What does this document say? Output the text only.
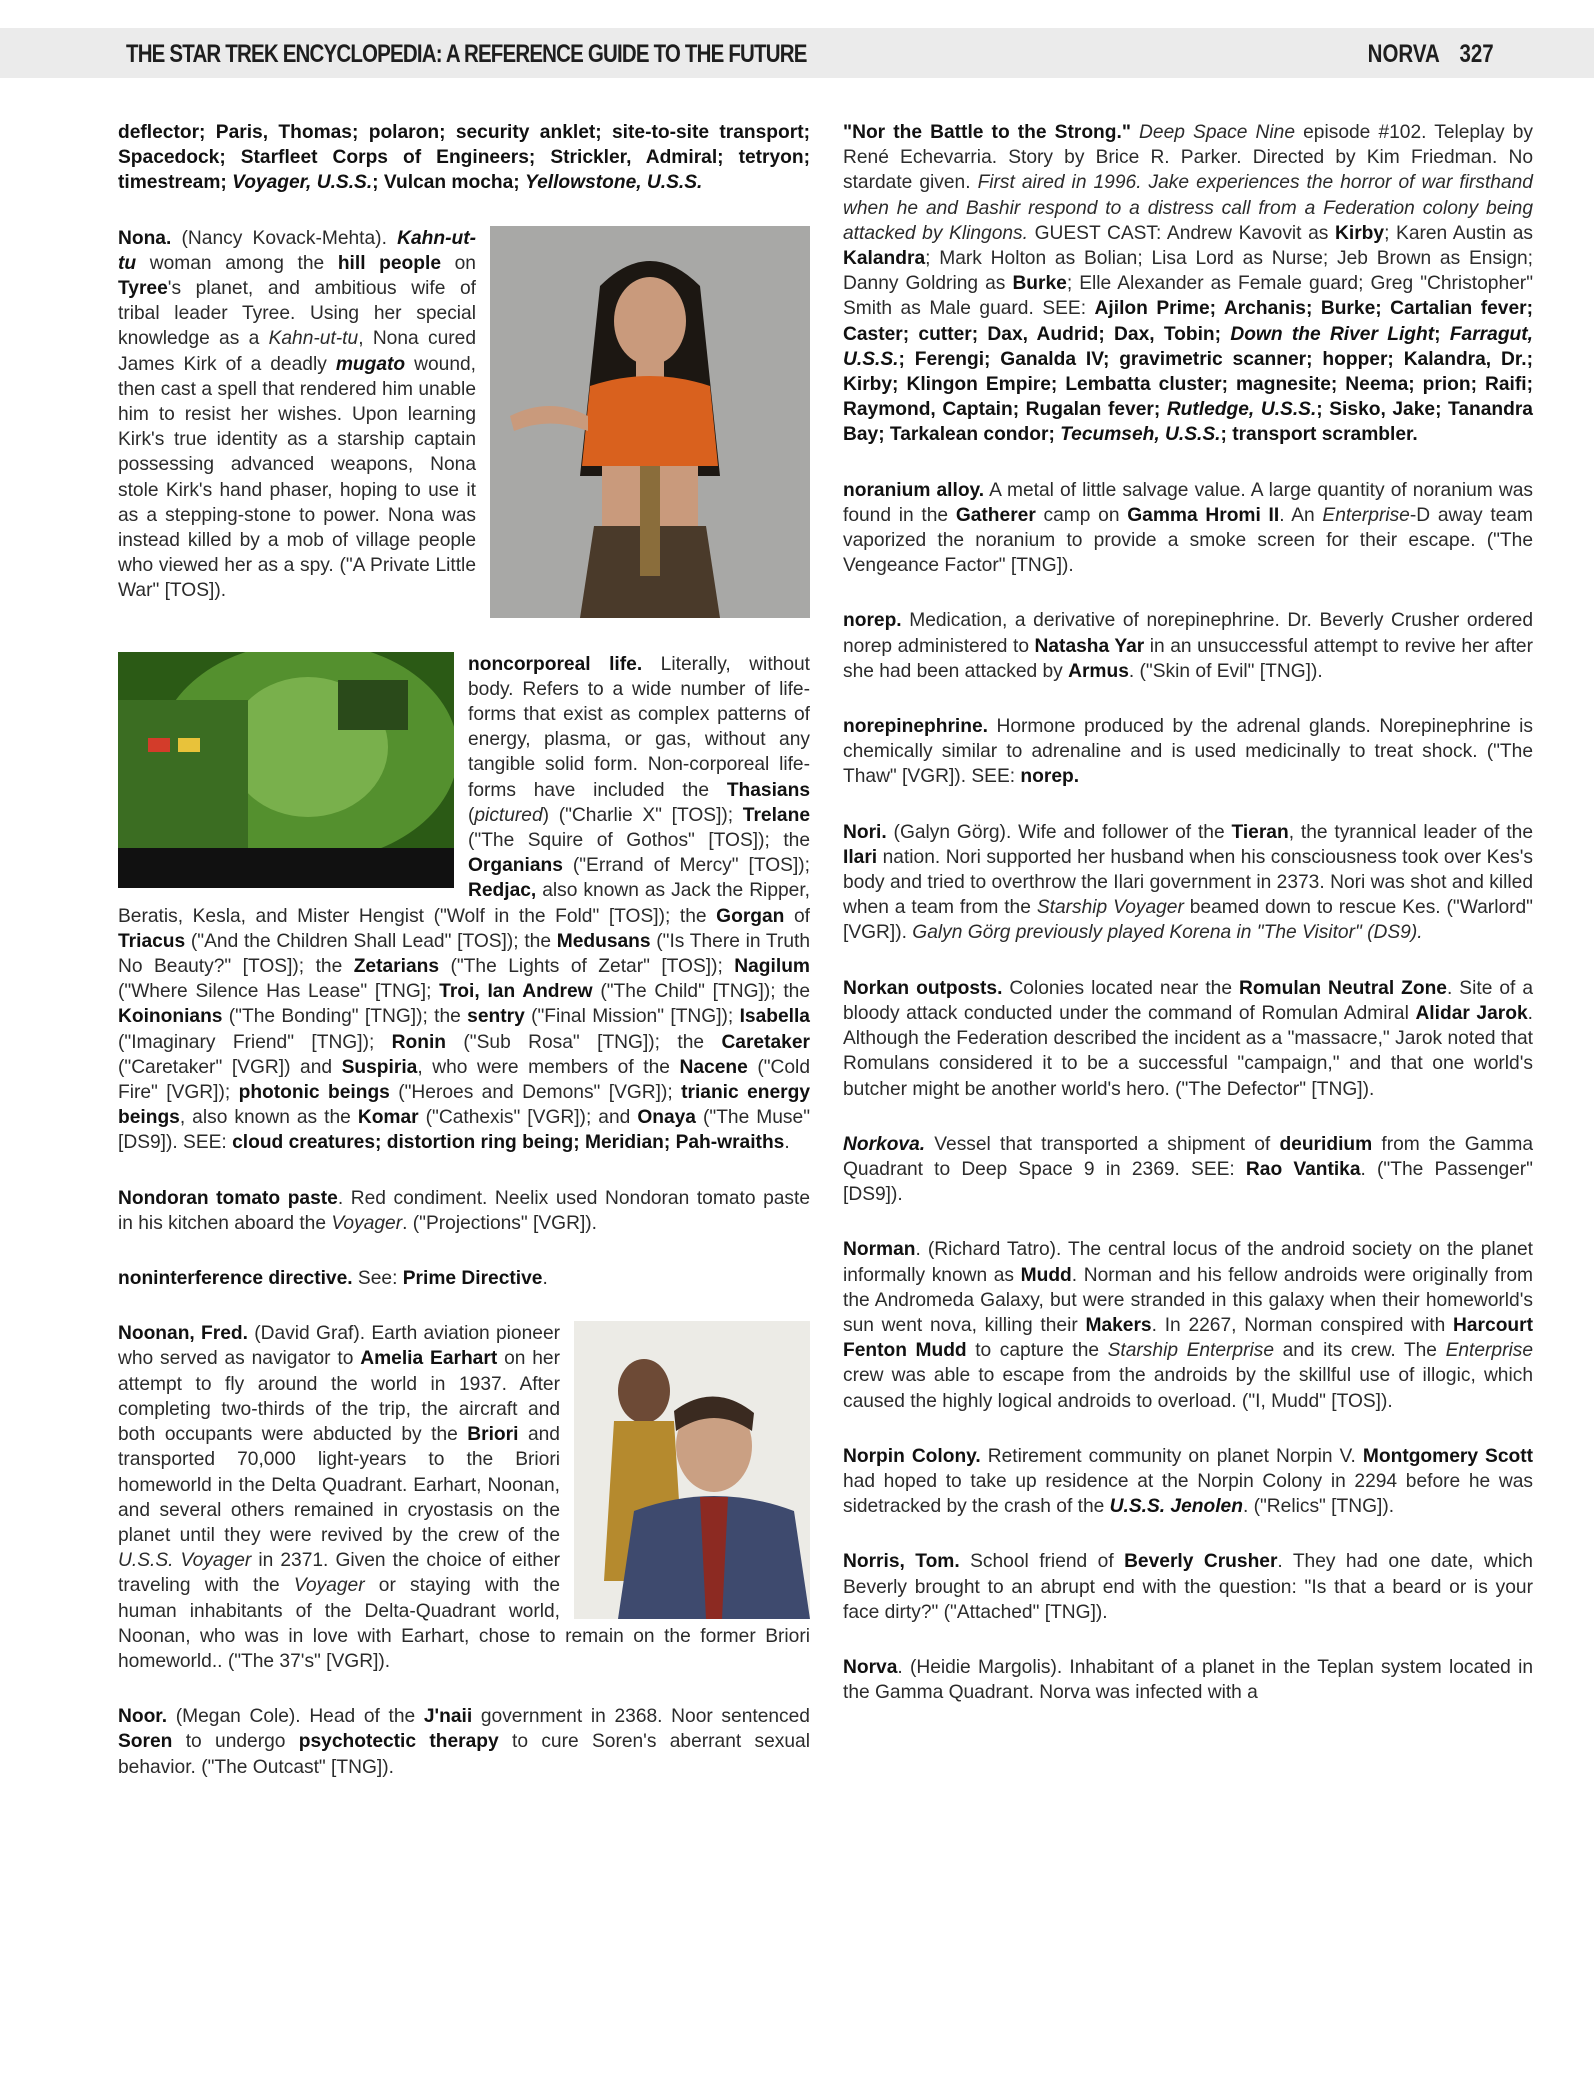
THE STAR TREK ENCYCLOPEDIA: A REFERENCE GUIDE TO THE FUTURE	NORVA 327

deflector; Paris, Thomas; polaron; security anklet; site-to-site transport; Spacedock; Starfleet Corps of Engineers; Strickler, Admiral; tetryon; timestream; Voyager, U.S.S.; Vulcan mocha; Yellowstone, U.S.S.

Nona. (Nancy Kovack-Mehta). Kahn-ut-tu woman among the hill people on Tyree's planet, and ambitious wife of tribal leader Tyree. Using her special knowledge as a Kahn-ut-tu, Nona cured James Kirk of a deadly mugato wound, then cast a spell that rendered him unable him to resist her wishes. Upon learning Kirk's true identity as a starship captain possessing advanced weapons, Nona stole Kirk's hand phaser, hoping to use it as a stepping-stone to power. Nona was instead killed by a mob of village people who viewed her as a spy. ("A Private Little War" [TOS]).
noncorporeal life. Literally, without body. Refers to a wide number of life-forms that exist as complex patterns of energy, plasma, or gas, without any tangible solid form. Non-corporeal life-forms have included the Thasians (pictured) ("Charlie X" [TOS]); Trelane ("The Squire of Gothos" [TOS]); the Organians ("Errand of Mercy" [TOS]); Redjac, also known as Jack the Ripper, Beratis, Kesla, and Mister Hengist ("Wolf in the Fold" [TOS]); the Gorgan of Triacus ("And the Children Shall Lead" [TOS]); the Medusans ("Is There in Truth No Beauty?" [TOS]); the Zetarians ("The Lights of Zetar" [TOS]); Nagilum ("Where Silence Has Lease" [TNG]; Troi, Ian Andrew ("The Child" [TNG]); the Koinonians ("The Bonding" [TNG]); the sentry ("Final Mission" [TNG]); Isabella ("Imaginary Friend" [TNG]); Ronin ("Sub Rosa" [TNG]); the Caretaker ("Caretaker" [VGR]) and Suspiria, who were members of the Nacene ("Cold Fire" [VGR]); photonic beings ("Heroes and Demons" [VGR]); trianic energy beings, also known as the Komar ("Cathexis" [VGR]); and Onaya ("The Muse" [DS9]). SEE: cloud creatures; distortion ring being; Meridian; Pah-wraiths.

Nondoran tomato paste. Red condiment. Neelix used Nondoran tomato paste in his kitchen aboard the Voyager. ("Projections" [VGR]).

noninterference directive. See: Prime Directive.

Noonan, Fred. (David Graf). Earth aviation pioneer who served as navigator to Amelia Earhart on her attempt to fly around the world in 1937. After completing two-thirds of the trip, the aircraft and both occupants were abducted by the Briori and transported 70,000 light-years to the Briori homeworld in the Delta Quadrant. Earhart, Noonan, and several others remained in cryostasis on the planet until they were revived by the crew of the U.S.S. Voyager in 2371. Given the choice of either traveling with the Voyager or staying with the human inhabitants of the Delta-Quadrant world, Noonan, who was in love with Earhart, chose to remain on the former Briori homeworld.. ("The 37's" [VGR]).

Noor. (Megan Cole). Head of the J'naii government in 2368. Noor sentenced Soren to undergo psychotectic therapy to cure Soren's aberrant sexual behavior. ("The Outcast" [TNG]).

"Nor the Battle to the Strong." Deep Space Nine episode #102. Teleplay by René Echevarria. Story by Brice R. Parker. Directed by Kim Friedman. No stardate given. First aired in 1996. Jake experiences the horror of war firsthand when he and Bashir respond to a distress call from a Federation colony being attacked by Klingons. GUEST CAST: Andrew Kavovit as Kirby; Karen Austin as Kalandra; Mark Holton as Bolian; Lisa Lord as Nurse; Jeb Brown as Ensign; Danny Goldring as Burke; Elle Alexander as Female guard; Greg "Christopher" Smith as Male guard. SEE: Ajilon Prime; Archanis; Burke; Cartalian fever; Caster; cutter; Dax, Audrid; Dax, Tobin; Down the River Light; Farragut, U.S.S.; Ferengi; Ganalda IV; gravimetric scanner; hopper; Kalandra, Dr.; Kirby; Klingon Empire; Lembatta cluster; magnesite; Neema; prion; Raifi; Raymond, Captain; Rugalan fever; Rutledge, U.S.S.; Sisko, Jake; Tanandra Bay; Tarkalean condor; Tecumseh, U.S.S.; transport scrambler.

noranium alloy. A metal of little salvage value. A large quantity of noranium was found in the Gatherer camp on Gamma Hromi II. An Enterprise-D away team vaporized the noranium to provide a smoke screen for their escape. ("The Vengeance Factor" [TNG]).

norep. Medication, a derivative of norepinephrine. Dr. Beverly Crusher ordered norep administered to Natasha Yar in an unsuccessful attempt to revive her after she had been attacked by Armus. ("Skin of Evil" [TNG]).

norepinephrine. Hormone produced by the adrenal glands. Norepinephrine is chemically similar to adrenaline and is used medicinally to treat shock. ("The Thaw" [VGR]). SEE: norep.

Nori. (Galyn Görg). Wife and follower of the Tieran, the tyrannical leader of the Ilari nation. Nori supported her husband when his consciousness took over Kes's body and tried to overthrow the Ilari government in 2373. Nori was shot and killed when a team from the Starship Voyager beamed down to rescue Kes. ("Warlord" [VGR]). Galyn Görg previously played Korena in "The Visitor" (DS9).

Norkan outposts. Colonies located near the Romulan Neutral Zone. Site of a bloody attack conducted under the command of Romulan Admiral Alidar Jarok. Although the Federation described the incident as a "massacre," Jarok noted that Romulans considered it to be a successful "campaign," and that one world's butcher might be another world's hero. ("The Defector" [TNG]).

Norkova. Vessel that transported a shipment of deuridium from the Gamma Quadrant to Deep Space 9 in 2369. SEE: Rao Vantika. ("The Passenger" [DS9]).

Norman. (Richard Tatro). The central locus of the android society on the planet informally known as Mudd. Norman and his fellow androids were originally from the Andromeda Galaxy, but were stranded in this galaxy when their homeworld's sun went nova, killing their Makers. In 2267, Norman conspired with Harcourt Fenton Mudd to capture the Starship Enterprise and its crew. The Enterprise crew was able to escape from the androids by the skillful use of illogic, which caused the highly logical androids to overload. ("I, Mudd" [TOS]).

Norpin Colony. Retirement community on planet Norpin V. Montgomery Scott had hoped to take up residence at the Norpin Colony in 2294 before he was sidetracked by the crash of the U.S.S. Jenolen. ("Relics" [TNG]).

Norris, Tom. School friend of Beverly Crusher. They had one date, which Beverly brought to an abrupt end with the question: "Is that a beard or is your face dirty?" ("Attached" [TNG]).

Norva. (Heidie Margolis). Inhabitant of a planet in the Teplan system located in the Gamma Quadrant. Norva was infected with a
